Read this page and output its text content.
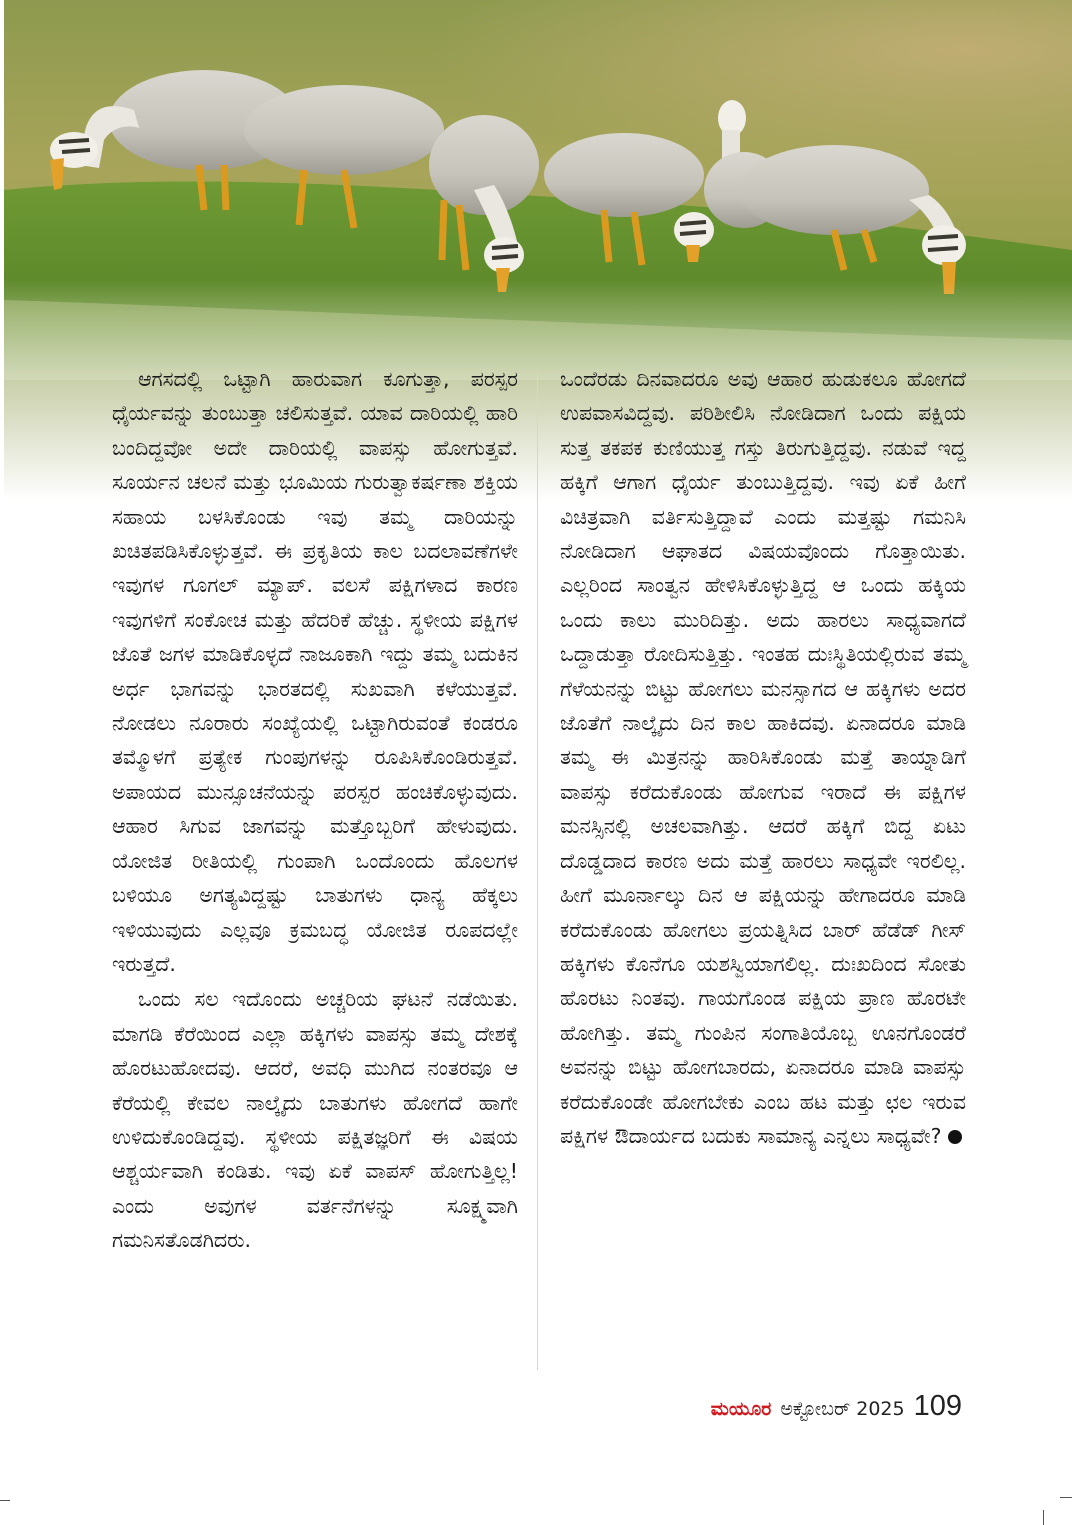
ಆಗಸದಲ್ಲಿ ಒಟ್ಟಾಗಿ ಹಾರುವಾಗ ಕೂಗುತ್ತಾ, ಪರಸ್ಪರ ಧೈರ್ಯವನ್ನು ತುಂಬುತ್ತಾ ಚಲಿಸುತ್ತವೆ. ಯಾವ ದಾರಿಯಲ್ಲಿ ಹಾರಿ ಬಂದಿದ್ದವೋ ಅದೇ ದಾರಿಯಲ್ಲಿ ವಾಪಸ್ಸು ಹೋಗುತ್ತವೆ. ಸೂರ್ಯನ ಚಲನೆ ಮತ್ತು ಭೂಮಿಯ ಗುರುತ್ವಾಕರ್ಷಣಾ ಶಕ್ತಿಯ ಸಹಾಯ ಬಳಸಿಕೊಂಡು ಇವು ತಮ್ಮ ದಾರಿಯನ್ನು ಖಚಿತಪಡಿಸಿಕೊಳ್ಳುತ್ತವೆ. ಈ ಪ್ರಕೃತಿಯ ಕಾಲ ಬದಲಾವಣೆಗಳೇ ಇವುಗಳ ಗೂಗಲ್ ಮ್ಯಾಪ್. ವಲಸೆ ಪಕ್ಷಿಗಳಾದ ಕಾರಣ ಇವುಗಳಿಗೆ ಸಂಕೋಚ ಮತ್ತು ಹೆದರಿಕೆ ಹೆಚ್ಚು. ಸ್ಥಳೀಯ ಪಕ್ಷಿಗಳ ಜೊತೆ ಜಗಳ ಮಾಡಿಕೊಳ್ಳದೆ ನಾಜೂಕಾಗಿ ಇದ್ದು ತಮ್ಮ ಬದುಕಿನ ಅರ್ಧ ಭಾಗವನ್ನು ಭಾರತದಲ್ಲಿ ಸುಖವಾಗಿ ಕಳೆಯುತ್ತವೆ. ನೋಡಲು ನೂರಾರು ಸಂಖ್ಯೆಯಲ್ಲಿ ಒಟ್ಟಾಗಿರುವಂತೆ ಕಂಡರೂ ತಮ್ಮೊಳಗೆ ಪ್ರತ್ಯೇಕ ಗುಂಪುಗಳನ್ನು ರೂಪಿಸಿಕೊಂಡಿರುತ್ತವೆ. ಅಪಾಯದ ಮುನ್ಸೂಚನೆಯನ್ನು ಪರಸ್ಪರ ಹಂಚಿಕೊಳ್ಳುವುದು. ಆಹಾರ ಸಿಗುವ ಜಾಗವನ್ನು ಮತ್ತೊಬ್ಬರಿಗೆ ಹೇಳುವುದು. ಯೋಜಿತ ರೀತಿಯಲ್ಲಿ ಗುಂಪಾಗಿ ಒಂದೊಂದು ಹೊಲಗಳ ಬಳಿಯೂ ಅಗತ್ಯವಿದ್ದಷ್ಟು ಬಾತುಗಳು ಧಾನ್ಯ ಹೆಕ್ಕಲು ಇಳಿಯುವುದು ಎಲ್ಲವೂ ಕ್ರಮಬದ್ಧ ಯೋಜಿತ ರೂಪದಲ್ಲೇ ಇರುತ್ತದೆ.

ಒಂದು ಸಲ ಇದೊಂದು ಅಚ್ಚರಿಯ ಘಟನೆ ನಡೆಯಿತು. ಮಾಗಡಿ ಕೆರೆಯಿಂದ ಎಲ್ಲಾ ಹಕ್ಕಿಗಳು ವಾಪಸ್ಸು ತಮ್ಮ ದೇಶಕ್ಕೆ ಹೊರಟುಹೋದವು. ಆದರೆ, ಅವಧಿ ಮುಗಿದ ನಂತರವೂ ಆ ಕೆರೆಯಲ್ಲಿ ಕೇವಲ ನಾಲ್ಕೈದು ಬಾತುಗಳು ಹೋಗದೆ ಹಾಗೇ ಉಳಿದುಕೊಂಡಿದ್ದವು. ಸ್ಥಳೀಯ ಪಕ್ಷಿತಜ್ಞರಿಗೆ ಈ ವಿಷಯ ಆಶ್ಚರ್ಯವಾಗಿ ಕಂಡಿತು. ಇವು ಏಕೆ ವಾಪಸ್ ಹೋಗುತ್ತಿಲ್ಲ! ಎಂದು ಅವುಗಳ ವರ್ತನೆಗಳನ್ನು ಸೂಕ್ಷ್ಮವಾಗಿ ಗಮನಿಸತೊಡಗಿದರು.

ಒಂದೆರಡು ದಿನವಾದರೂ ಅವು ಆಹಾರ ಹುಡುಕಲೂ ಹೋಗದೆ ಉಪವಾಸವಿದ್ದವು. ಪರಿಶೀಲಿಸಿ ನೋಡಿದಾಗ ಒಂದು ಪಕ್ಷಿಯ ಸುತ್ತ ತಕಪಕ ಕುಣಿಯುತ್ತ ಗಸ್ತು ತಿರುಗುತ್ತಿದ್ದವು. ನಡುವೆ ಇದ್ದ ಹಕ್ಕಿಗೆ ಆಗಾಗ ಧೈರ್ಯ ತುಂಬುತ್ತಿದ್ದವು. ಇವು ಏಕೆ ಹೀಗೆ ವಿಚಿತ್ರವಾಗಿ ವರ್ತಿಸುತ್ತಿದ್ದಾವೆ ಎಂದು ಮತ್ತಷ್ಟು ಗಮನಿಸಿ ನೋಡಿದಾಗ ಆಘಾತದ ವಿಷಯವೊಂದು ಗೊತ್ತಾಯಿತು. ಎಲ್ಲರಿಂದ ಸಾಂತ್ವನ ಹೇಳಿಸಿಕೊಳ್ಳುತ್ತಿದ್ದ ಆ ಒಂದು ಹಕ್ಕಿಯ ಒಂದು ಕಾಲು ಮುರಿದಿತ್ತು. ಅದು ಹಾರಲು ಸಾಧ್ಯವಾಗದೆ ಒದ್ದಾಡುತ್ತಾ ರೋದಿಸುತ್ತಿತ್ತು. ಇಂತಹ ದುಃಸ್ಥಿತಿಯಲ್ಲಿರುವ ತಮ್ಮ ಗೆಳೆಯನನ್ನು ಬಿಟ್ಟು ಹೋಗಲು ಮನಸ್ಸಾಗದ ಆ ಹಕ್ಕಿಗಳು ಅದರ ಜೊತೆಗೆ ನಾಲ್ಕೈದು ದಿನ ಕಾಲ ಹಾಕಿದವು. ಏನಾದರೂ ಮಾಡಿ ತಮ್ಮ ಈ ಮಿತ್ರನನ್ನು ಹಾರಿಸಿಕೊಂಡು ಮತ್ತೆ ತಾಯ್ನಾಡಿಗೆ ವಾಪಸ್ಸು ಕರೆದುಕೊಂಡು ಹೋಗುವ ಇರಾದೆ ಈ ಪಕ್ಷಿಗಳ ಮನಸ್ಸಿನಲ್ಲಿ ಅಚಲವಾಗಿತ್ತು. ಆದರೆ ಹಕ್ಕಿಗೆ ಬಿದ್ದ ಏಟು ದೊಡ್ಡದಾದ ಕಾರಣ ಅದು ಮತ್ತೆ ಹಾರಲು ಸಾಧ್ಯವೇ ಇರಲಿಲ್ಲ. ಹೀಗೆ ಮೂರ್ನಾಲ್ಕು ದಿನ ಆ ಪಕ್ಷಿಯನ್ನು ಹೇಗಾದರೂ ಮಾಡಿ ಕರೆದುಕೊಂಡು ಹೋಗಲು ಪ್ರಯತ್ನಿಸಿದ ಬಾರ್ ಹೆಡೆಡ್ ಗೀಸ್ ಹಕ್ಕಿಗಳು ಕೊನೆಗೂ ಯಶಸ್ವಿಯಾಗಲಿಲ್ಲ. ದುಃಖದಿಂದ ಸೋತು ಹೊರಟು ನಿಂತವು. ಗಾಯಗೊಂಡ ಪಕ್ಷಿಯ ಪ್ರಾಣ ಹೊರಟೇ ಹೋಗಿತ್ತು. ತಮ್ಮ ಗುಂಪಿನ ಸಂಗಾತಿಯೊಬ್ಬ ಊನಗೊಂಡರೆ ಅವನನ್ನು ಬಿಟ್ಟು ಹೋಗಬಾರದು, ಏನಾದರೂ ಮಾಡಿ ವಾಪಸ್ಸು ಕರೆದುಕೊಂಡೇ ಹೋಗಬೇಕು ಎಂಬ ಹಟ ಮತ್ತು ಛಲ ಇರುವ ಪಕ್ಷಿಗಳ ಔದಾರ್ಯದ ಬದುಕು ಸಾಮಾನ್ಯ ಎನ್ನಲು ಸಾಧ್ಯವೇ?

ಮಯೂರ ಅಕ್ಟೋಬರ್ 2025 109
